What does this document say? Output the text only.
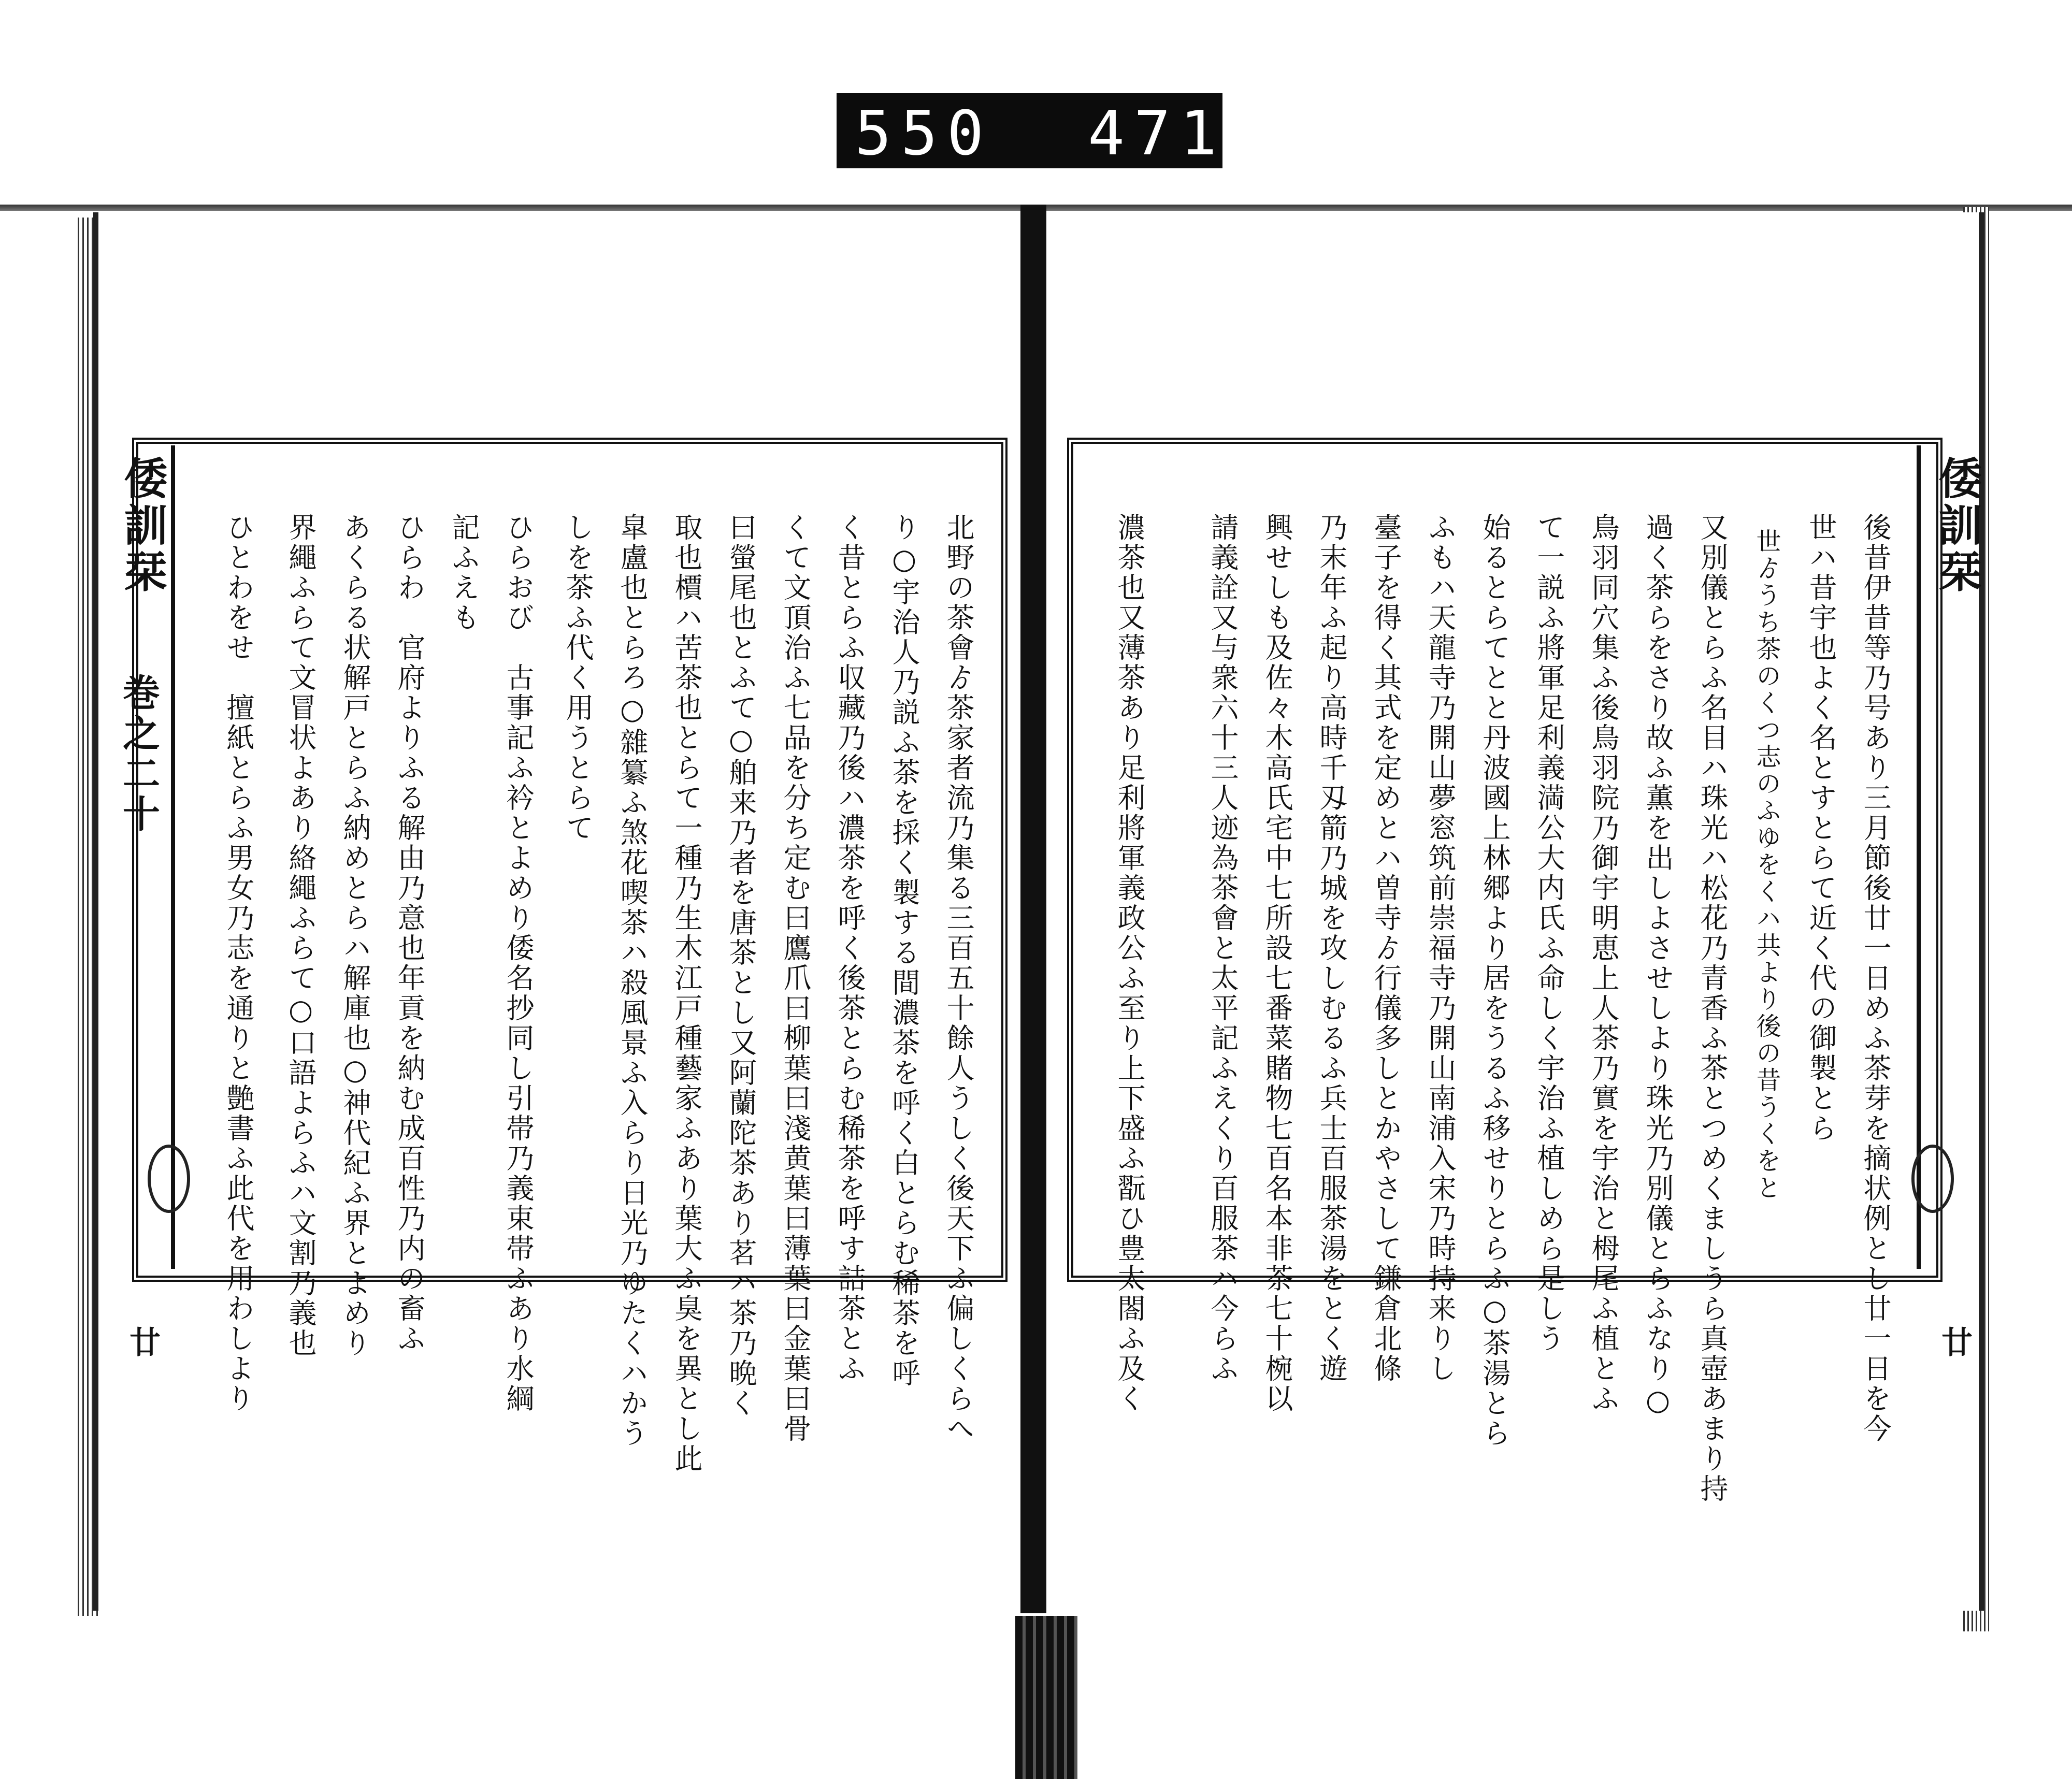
550 471
倭訓栞
巻之二十
廿	北野の茶會ゟ茶家者流乃集る三百五十餘人うしく後天下ふ偏しくらへ
り○宇治人乃説ふ茶を採く製する間濃茶を呼く白とらむ稀茶を呼
く昔とらふ収藏乃後ハ濃茶を呼く後茶とらむ稀茶を呼す詰茶とふ
くて文頂治ふ七品を分ち定む曰鷹爪曰柳葉曰淺黄葉曰薄葉曰金葉曰骨
曰螢尾也とふて○舶来乃者を唐茶とし又阿蘭陀茶あり茗ハ茶乃晩く
取也檟ハ苦茶也とらて一種乃生木江戸種藝家ふあり葉大ふ臭を異とし此
皐盧也とらろ○雜纂ふ煞花喫茶ハ殺風景ふ入らり日光乃ゆたくハかう
しを茶ふ代く用うとらて
ひらおび　古事記ふ衿とよめり倭名抄同し引帯乃義束帯ふあり水綱
記ふえも
ひらわ　官府よりふる解由乃意也年貢を納む成百性乃内の畜ふ
あくらる状解戸とらふ納めとらハ解庫也○神代紀ふ界とよめり
界繩ふらて文冒状よあり絡繩ふらて○口語よらふハ文割乃義也
ひとわをせ　擅紙とらふ男女乃志を通りと艶書ふ此代を用わしより	倭訓栞
廿
後昔伊昔等乃号あり三月節後廿一日めふ茶芽を摘状例とし廿一日を今
世ハ昔宇也よく名とすとらて近く代の御製とら
世ゟうち茶のくつ志のふゆをくハ共より後の昔うくをと
又別儀とらふ名目ハ珠光ハ松花乃青香ふ茶とつめくましうら真壺あまり持
過く茶らをさり故ふ薫を出しよさせしより珠光乃別儀とらふなり○
鳥羽同穴集ふ後鳥羽院乃御宇明恵上人茶乃實を宇治と栂尾ふ植とふ
て一説ふ將軍足利義満公大内氏ふ命しく宇治ふ植しめら是しう
始るとらてとと丹波國上林郷より居をうるふ移せりとらふ○茶湯とら
ふもハ天龍寺乃開山夢窓筑前崇福寺乃開山南浦入宋乃時持来りし
臺子を得く其式を定めとハ曽寺ゟ行儀多しとかやさして鎌倉北條
乃末年ふ起り高時千刄箭乃城を攻しむるふ兵士百服茶湯をとく遊
興せしも及佐々木高氏宅中七所設七番菜賭物七百名本非茶七十椀以
請義詮又与衆六十三人迹為茶會と太平記ふえくり百服茶ハ今らふ
濃茶也又薄茶あり足利將軍義政公ふ至り上下盛ふ翫ひ豊太閤ふ及く
